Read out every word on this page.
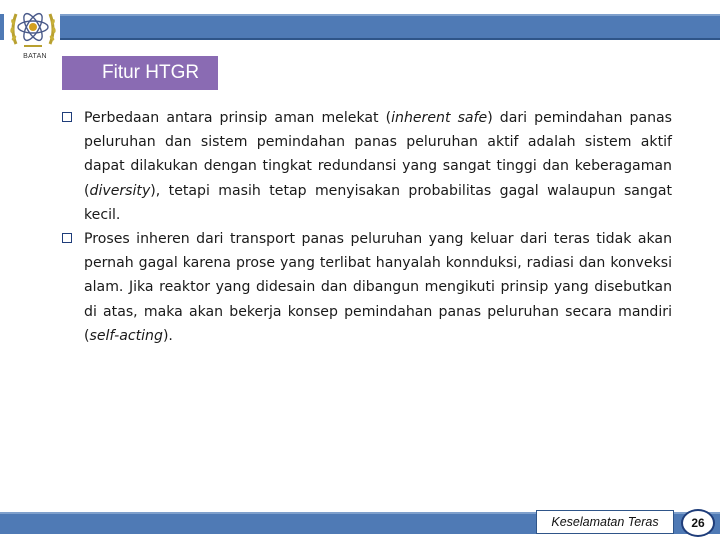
BATAN
Fitur HTGR
Perbedaan antara prinsip aman melekat (inherent safe) dari pemindahan panas peluruhan dan sistem pemindahan panas peluruhan aktif adalah sistem aktif dapat dilakukan dengan tingkat redundansi yang sangat tinggi dan keberagaman (diversity), tetapi masih tetap menyisakan probabilitas gagal walaupun sangat kecil.
Proses inheren dari transport panas peluruhan yang keluar dari teras tidak akan pernah gagal karena prose yang terlibat hanyalah konnduksi, radiasi dan konveksi alam. Jika reaktor yang didesain dan dibangun mengikuti prinsip yang disebutkan di atas, maka akan bekerja konsep pemindahan panas peluruhan secara mandiri (self-acting).
Keselamatan Teras	26
